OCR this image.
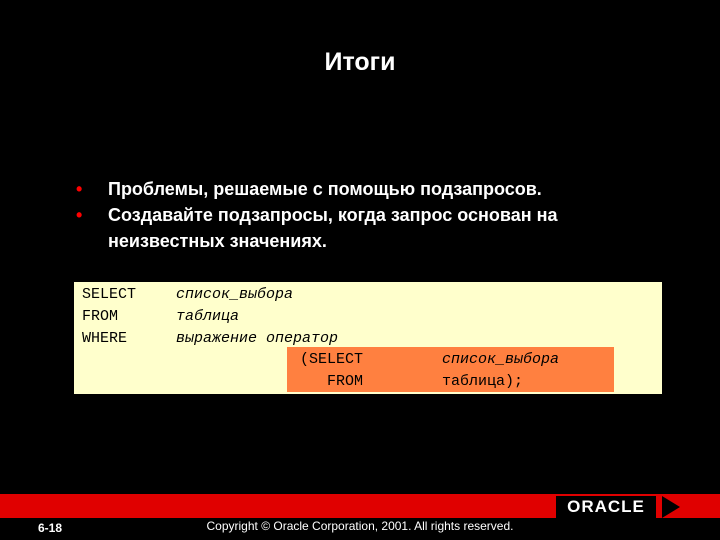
Итоги
• Проблемы, решаемые с помощью подзапросов.
• Создавайте подзапросы, когда запрос основан на неизвестных значениях.
SELECT	список_выбора
FROM	таблица
WHERE	выражение оператор
(SELECT	список_выбора
FROM	таблица);
ORACLE
6-18	Copyright © Oracle Corporation, 2001. All rights reserved.
